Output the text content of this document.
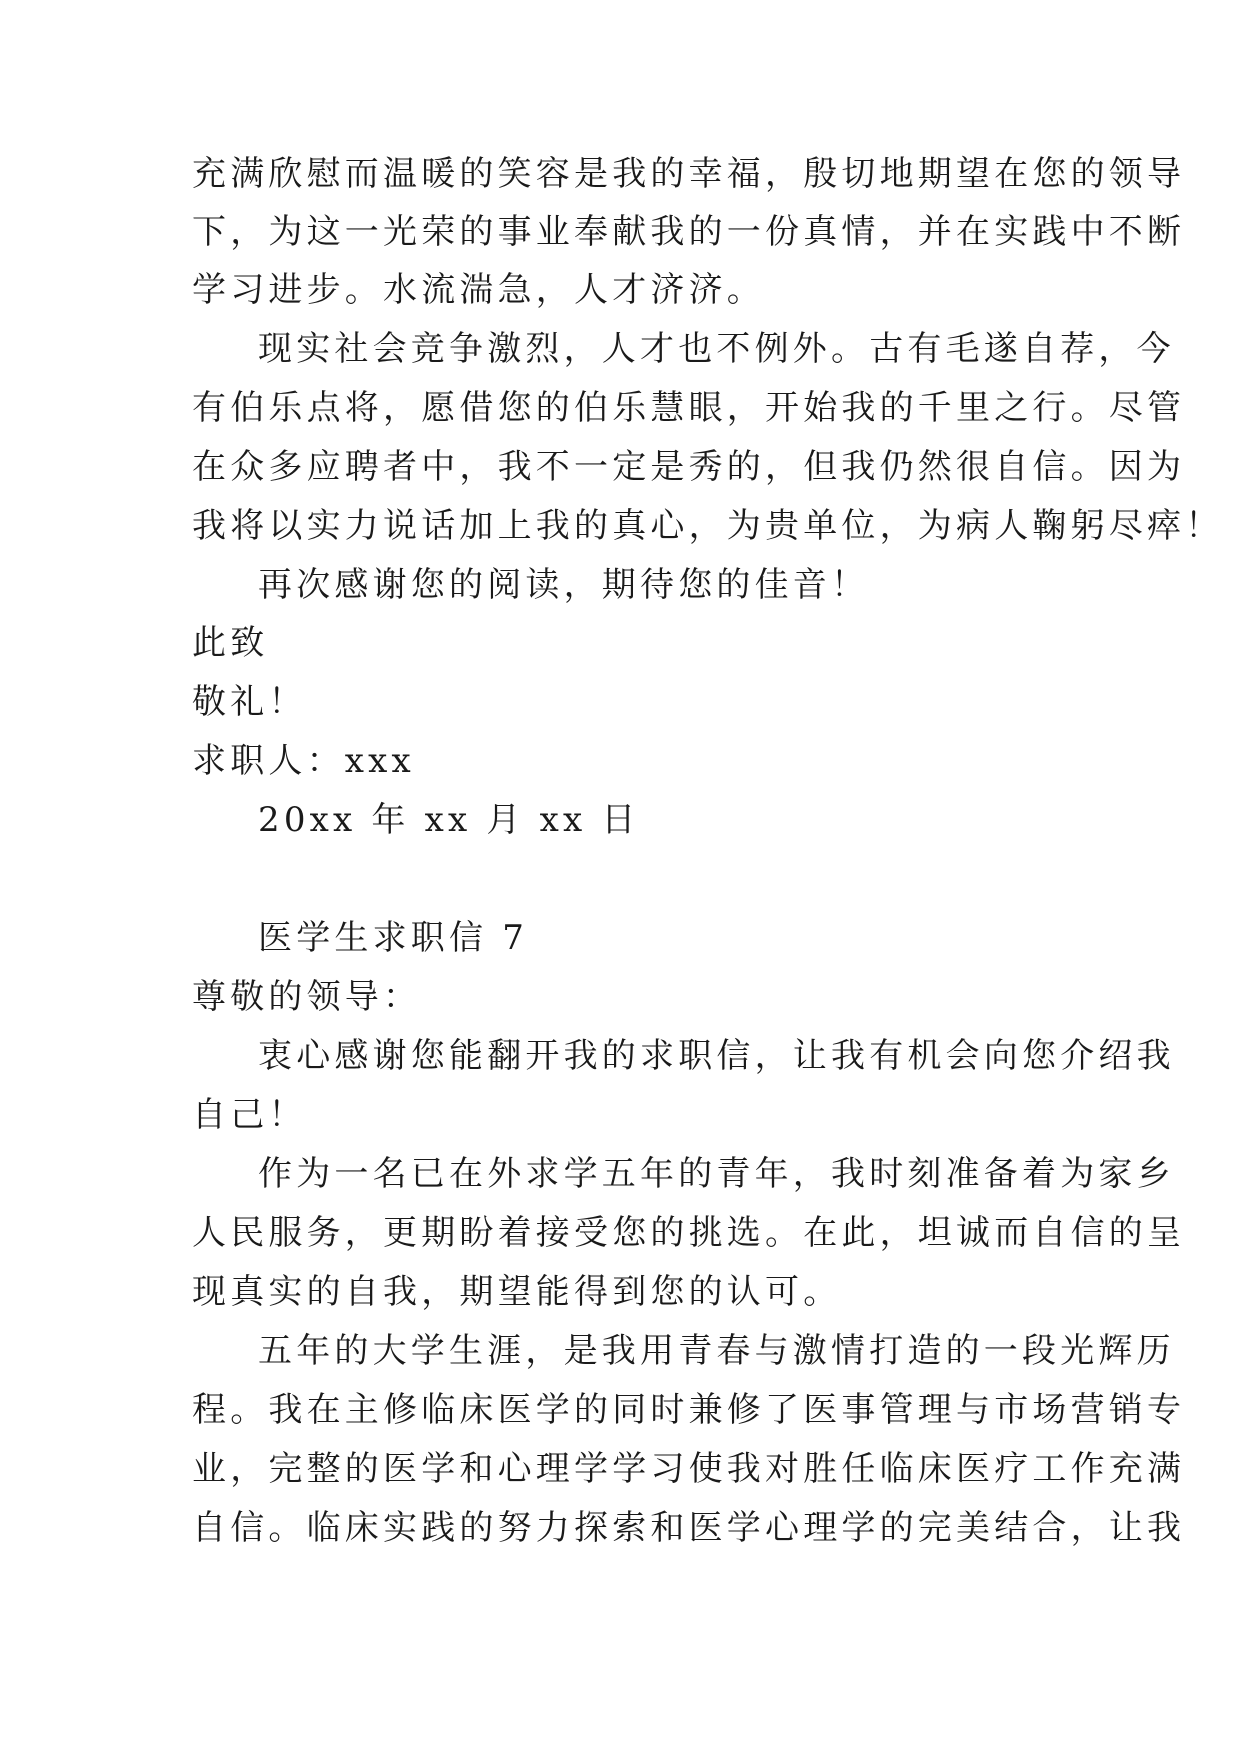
充满欣慰而温暖的笑容是我的幸福，殷切地期望在您的领导
下，为这一光荣的事业奉献我的一份真情，并在实践中不断
学习进步。水流湍急，人才济济。
现实社会竞争激烈，人才也不例外。古有毛遂自荐，今
有伯乐点将，愿借您的伯乐慧眼，开始我的千里之行。尽管
在众多应聘者中，我不一定是秀的，但我仍然很自信。因为
我将以实力说话加上我的真心，为贵单位，为病人鞠躬尽瘁！
再次感谢您的阅读，期待您的佳音！
此致
敬礼！
求职人：xxx
20xx 年 xx 月 xx 日
医学生求职信 7
尊敬的领导：
衷心感谢您能翻开我的求职信，让我有机会向您介绍我
自己！
作为一名已在外求学五年的青年，我时刻准备着为家乡
人民服务，更期盼着接受您的挑选。在此，坦诚而自信的呈
现真实的自我，期望能得到您的认可。
五年的大学生涯，是我用青春与激情打造的一段光辉历
程。我在主修临床医学的同时兼修了医事管理与市场营销专
业，完整的医学和心理学学习使我对胜任临床医疗工作充满
自信。临床实践的努力探索和医学心理学的完美结合，让我
